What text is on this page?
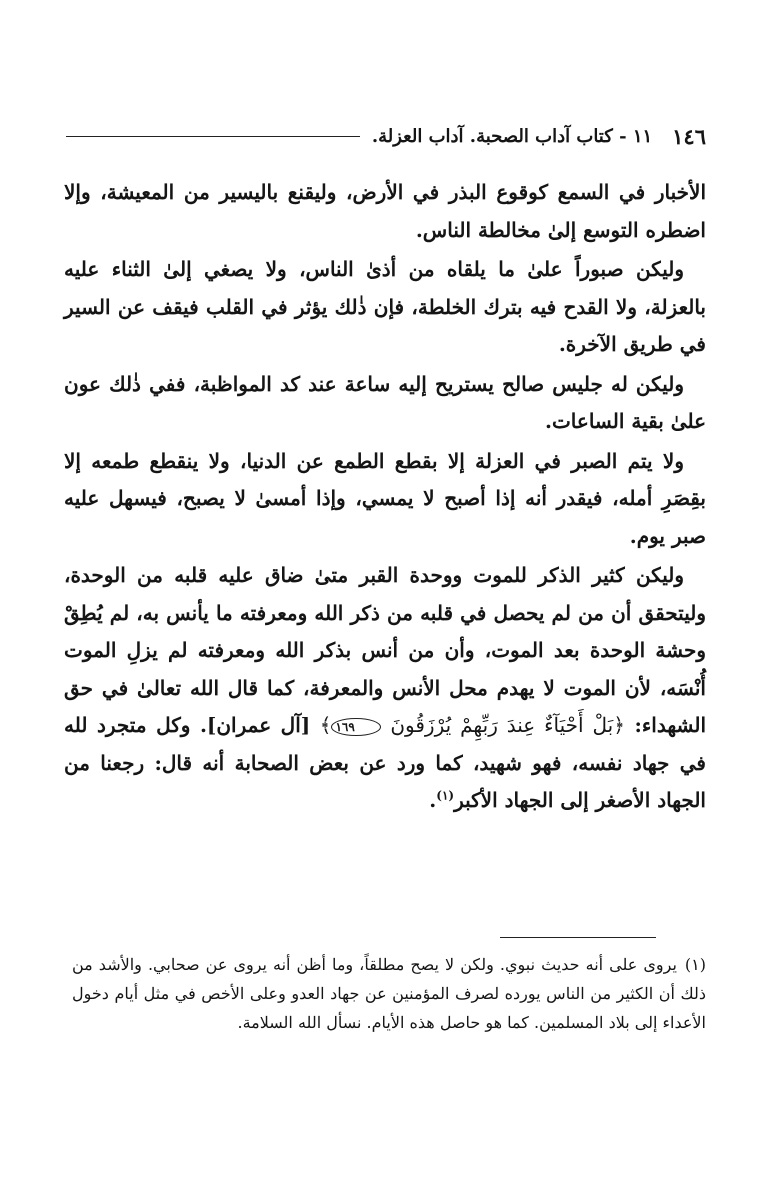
١٤٦
١١ - كتاب آداب الصحبة. آداب العزلة.

الأخبار في السمع كوقوع البذر في الأرض، وليقنع باليسير من المعيشة، وإلا اضطره التوسع إلىٰ مخالطة الناس.

وليكن صبوراً علىٰ ما يلقاه من أذىٰ الناس، ولا يصغي إلىٰ الثناء عليه بالعزلة، ولا القدح فيه بترك الخلطة، فإن ذٰلك يؤثر في القلب فيقف عن السير في طريق الآخرة.

وليكن له جليس صالح يستريح إليه ساعة عند كد المواظبة، ففي ذٰلك عون علىٰ بقية الساعات.

ولا يتم الصبر في العزلة إلا بقطع الطمع عن الدنيا، ولا ينقطع طمعه إلا بقِصَرِ أمله، فيقدر أنه إذا أصبح لا يمسي، وإذا أمسىٰ لا يصبح، فيسهل عليه صبر يوم.

وليكن كثير الذكر للموت ووحدة القبر متىٰ ضاق عليه قلبه من الوحدة، وليتحقق أن من لم يحصل في قلبه من ذكر الله ومعرفته ما يأنس به، لم يُطِقْ وحشة الوحدة بعد الموت، وأن من أنس بذكر الله ومعرفته لم يزلِ الموت أُنْسَه، لأن الموت لا يهدم محل الأنس والمعرفة، كما قال الله تعالىٰ في حق الشهداء: ﴿بَلْ أَحْيَآءٌ عِندَ رَبِّهِمْ يُرْزَقُونَ ١٦٩﴾ [آل عمران]. وكل متجرد لله في جهاد نفسه، فهو شهيد، كما ورد عن بعض الصحابة أنه قال: رجعنا من الجهاد الأصغر إلى الجهاد الأكبر$^{(١)}$.

(١)يروى على أنه حديث نبوي. ولكن لا يصح مطلقاً، وما أظن أنه يروى عن صحابي. والأشد من ذلك أن الكثير من الناس يورده لصرف المؤمنين عن جهاد العدو وعلى الأخص في مثل أيام دخول الأعداء إلى بلاد المسلمين. كما هو حاصل هذه الأيام. نسأل الله السلامة.
